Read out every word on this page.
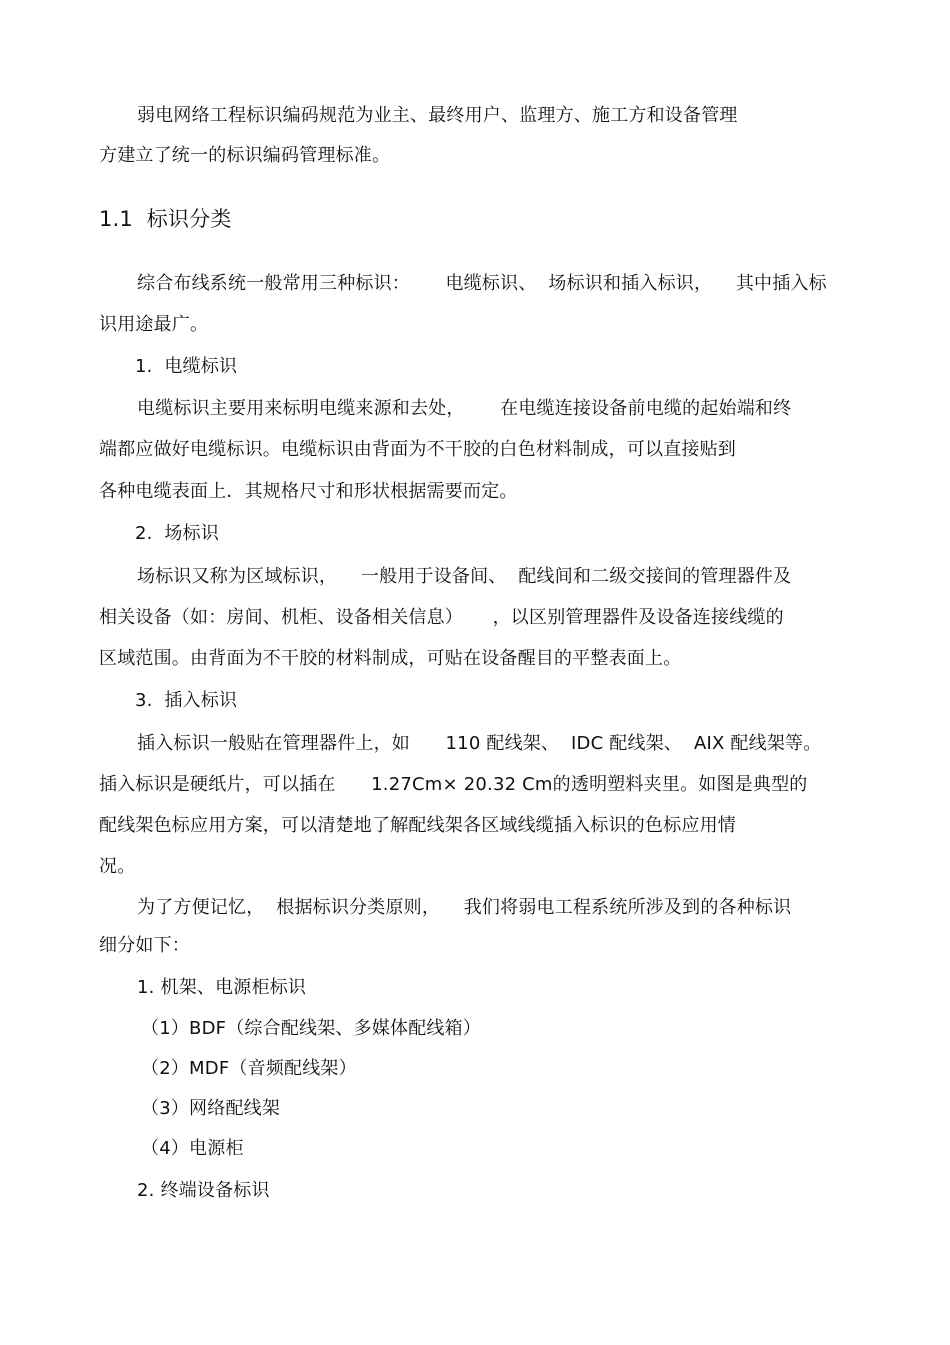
弱电网络工程标识编码规范为业主、最终用户、监理方、施工方和设备管理
方建立了统一的标识编码管理标准。
1.1  标识分类
综合布线系统一般常用三种标识：      电缆标识、  场标识和插入标识，    其中插入标
识用途最广。
1.  电缆标识
电缆标识主要用来标明电缆来源和去处，      在电缆连接设备前电缆的起始端和终
端都应做好电缆标识。电缆标识由背面为不干胶的白色材料制成，可以直接贴到
各种电缆表面上．其规格尺寸和形状根据需要而定。
2.  场标识
场标识又称为区域标识，    一般用于设备间、  配线间和二级交接间的管理器件及
相关设备（如：房间、机柜、设备相关信息）     ，以区别管理器件及设备连接线缆的
区域范围。由背面为不干胶的材料制成，可贴在设备醒目的平整表面上。
3.  插入标识
插入标识一般贴在管理器件上，如      110 配线架、  IDC 配线架、  AIX 配线架等。
插入标识是硬纸片，可以插在      1.27Cm× 20.32 Cm的透明塑料夹里。如图是典型的
配线架色标应用方案，可以清楚地了解配线架各区域线缆插入标识的色标应用情
况。
为了方便记忆，  根据标识分类原则，    我们将弱电工程系统所涉及到的各种标识
细分如下：
1. 机架、电源柜标识
（1）BDF（综合配线架、多媒体配线箱）
（2）MDF（音频配线架）
（3）网络配线架
（4）电源柜
2. 终端设备标识
